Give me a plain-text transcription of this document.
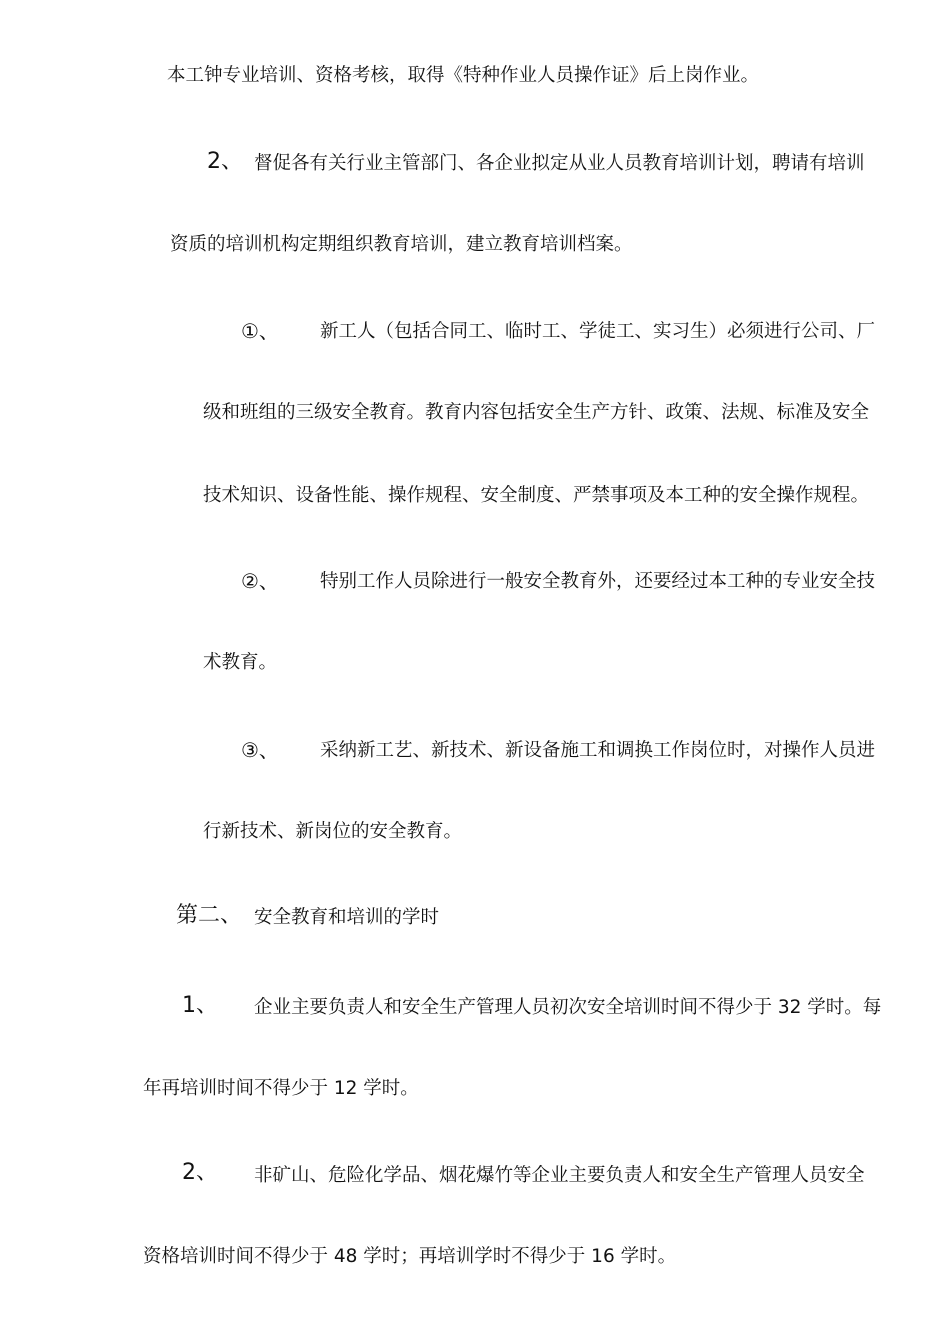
本工钟专业培训、资格考核，取得《特种作业人员操作证》后上岗作业。
2、 督促各有关行业主管部门、各企业拟定从业人员教育培训计划，聘请有培训
资质的培训机构定期组织教育培训，建立教育培训档案。
①、 新工人（包括合同工、临时工、学徒工、实习生）必须进行公司、厂
级和班组的三级安全教育。教育内容包括安全生产方针、政策、法规、标准及安全
技术知识、设备性能、操作规程、安全制度、严禁事项及本工种的安全操作规程。
②、 特别工作人员除进行一般安全教育外，还要经过本工种的专业安全技
术教育。
③、 采纳新工艺、新技术、新设备施工和调换工作岗位时，对操作人员进
行新技术、新岗位的安全教育。
第二、 安全教育和培训的学时
1、 企业主要负责人和安全生产管理人员初次安全培训时间不得少于 32 学时。每
年再培训时间不得少于 12 学时。
2、 非矿山、危险化学品、烟花爆竹等企业主要负责人和安全生产管理人员安全
资格培训时间不得少于 48 学时；再培训学时不得少于 16 学时。
